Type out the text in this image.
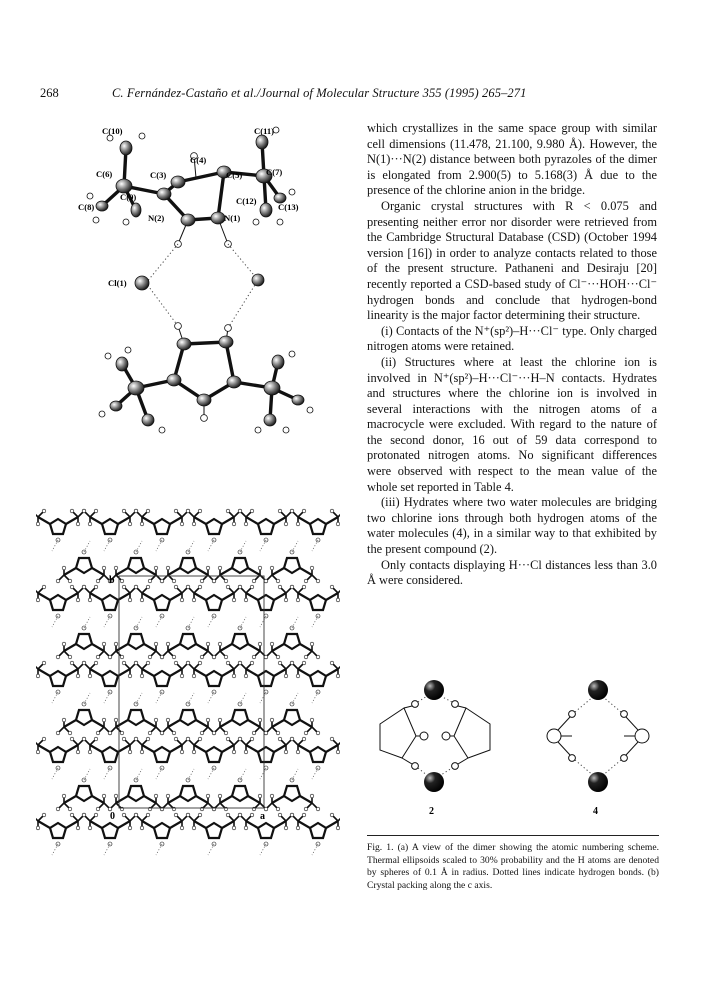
268	C. Fernández-Castaño et al./Journal of Molecular Structure 355 (1995) 265–271
C(10)	C(11)
C(4)
C(6)	C(3)	C(5)	C(7)
C(9)	C(12)
C(13)
C(8)
N(2)	N(1)
Cl(1)
b
0	a

which crystallizes in the same space group with similar cell dimensions (11.478, 21.100, 9.980 Å). However, the N(1)···N(2) distance between both pyrazoles of the dimer is elongated from 2.900(5) to 5.168(3) Å due to the presence of the chlorine anion in the bridge.

Organic crystal structures with R < 0.075 and presenting neither error nor disorder were retrieved from the Cambridge Structural Database (CSD) (October 1994 version [16]) in order to analyze contacts related to those of the present structure. Pathaneni and Desiraju [20] recently reported a CSD-based study of Cl⁻···HOH···Cl⁻ hydrogen bonds and conclude that hydrogen-bond linearity is the major factor determining their structure.

(i) Contacts of the N⁺(sp²)–H···Cl⁻ type. Only charged nitrogen atoms were retained.

(ii) Structures where at least the chlorine ion is involved in N⁺(sp²)–H···Cl⁻···H–N contacts. Hydrates and structures where the chlorine ion is involved in several interactions with the nitrogen atoms of a macrocycle were excluded. With regard to the nature of the second donor, 16 out of 59 data correspond to protonated nitrogen atoms. No significant differences were observed with respect to the mean value of the whole set reported in Table 4.

(iii) Hydrates where two water molecules are bridging two chlorine ions through both hydrogen atoms of the water molecules (4), in a similar way to that exhibited by the present compound (2).

Only contacts displaying H···Cl distances less than 3.0 Å were considered.

2	4
Fig. 1. (a) A view of the dimer showing the atomic numbering scheme. Thermal ellipsoids scaled to 30% probability and the H atoms are denoted by spheres of 0.1 Å in radius. Dotted lines indicate hydrogen bonds. (b) Crystal packing along the c axis.
